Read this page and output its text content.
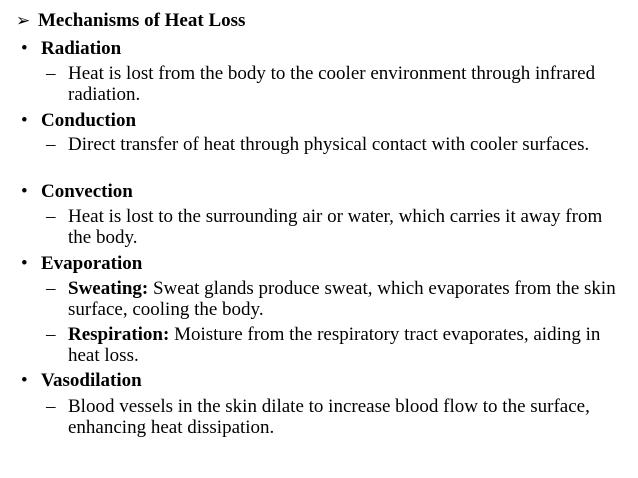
➢ Mechanisms of Heat Loss
• Radiation
– Heat is lost from the body to the cooler environment through infrared radiation.
• Conduction
– Direct transfer of heat through physical contact with cooler surfaces.
• Convection
– Heat is lost to the surrounding air or water, which carries it away from the body.
• Evaporation
– Sweating: Sweat glands produce sweat, which evaporates from the skin surface, cooling the body.
– Respiration: Moisture from the respiratory tract evaporates, aiding in heat loss.
• Vasodilation
– Blood vessels in the skin dilate to increase blood flow to the surface, enhancing heat dissipation.
